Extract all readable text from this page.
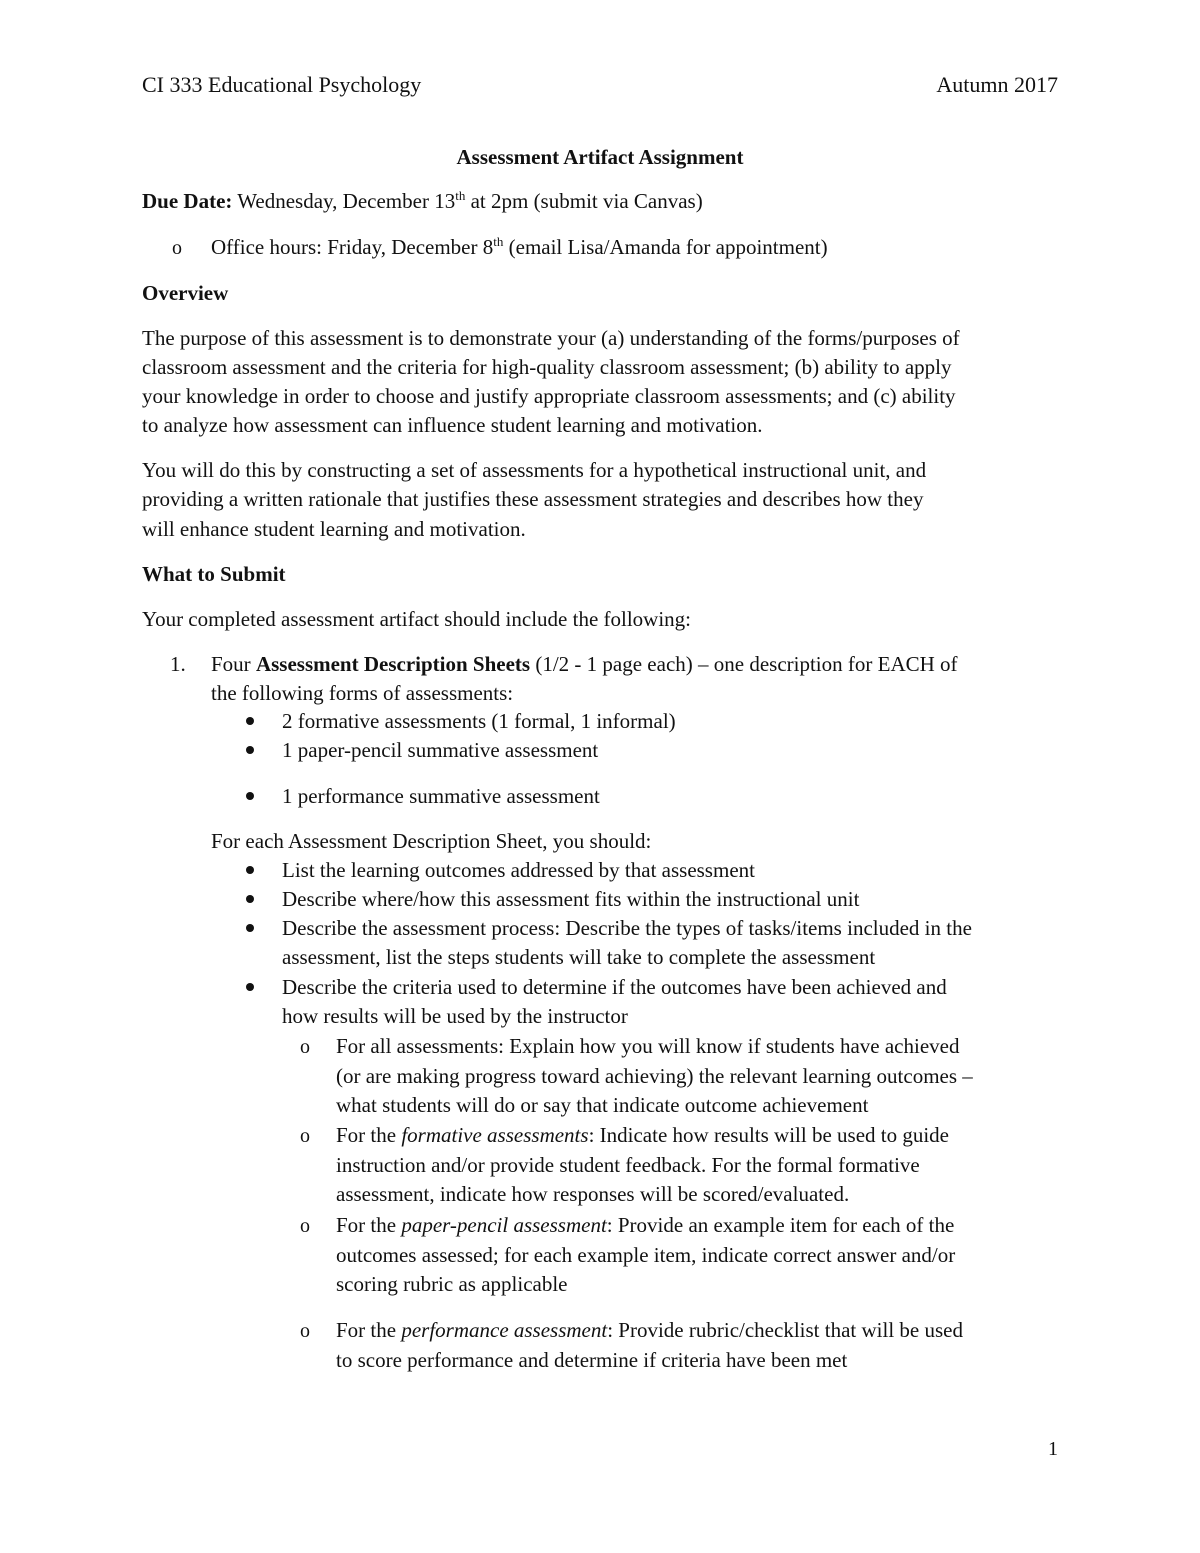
CI 333 Educational Psychology	Autumn 2017
Assessment Artifact Assignment
Due Date: Wednesday, December 13th at 2pm (submit via Canvas)
o Office hours: Friday, December 8th (email Lisa/Amanda for appointment)
Overview
The purpose of this assessment is to demonstrate your (a) understanding of the forms/purposes of
classroom assessment and the criteria for high-quality classroom assessment; (b) ability to apply
your knowledge in order to choose and justify appropriate classroom assessments; and (c) ability
to analyze how assessment can influence student learning and motivation.
You will do this by constructing a set of assessments for a hypothetical instructional unit, and
providing a written rationale that justifies these assessment strategies and describes how they
will enhance student learning and motivation.
What to Submit
Your completed assessment artifact should include the following:
1. Four Assessment Description Sheets (1/2 - 1 page each) – one description for EACH of
the following forms of assessments:
2 formative assessments (1 formal, 1 informal)
1 paper-pencil summative assessment
1 performance summative assessment
For each Assessment Description Sheet, you should:
List the learning outcomes addressed by that assessment
Describe where/how this assessment fits within the instructional unit
Describe the assessment process: Describe the types of tasks/items included in the
assessment, list the steps students will take to complete the assessment
Describe the criteria used to determine if the outcomes have been achieved and
how results will be used by the instructor
o For all assessments: Explain how you will know if students have achieved
(or are making progress toward achieving) the relevant learning outcomes –
what students will do or say that indicate outcome achievement
o For the formative assessments: Indicate how results will be used to guide
instruction and/or provide student feedback. For the formal formative
assessment, indicate how responses will be scored/evaluated.
o For the paper-pencil assessment: Provide an example item for each of the
outcomes assessed; for each example item, indicate correct answer and/or
scoring rubric as applicable
o For the performance assessment: Provide rubric/checklist that will be used
to score performance and determine if criteria have been met
1
